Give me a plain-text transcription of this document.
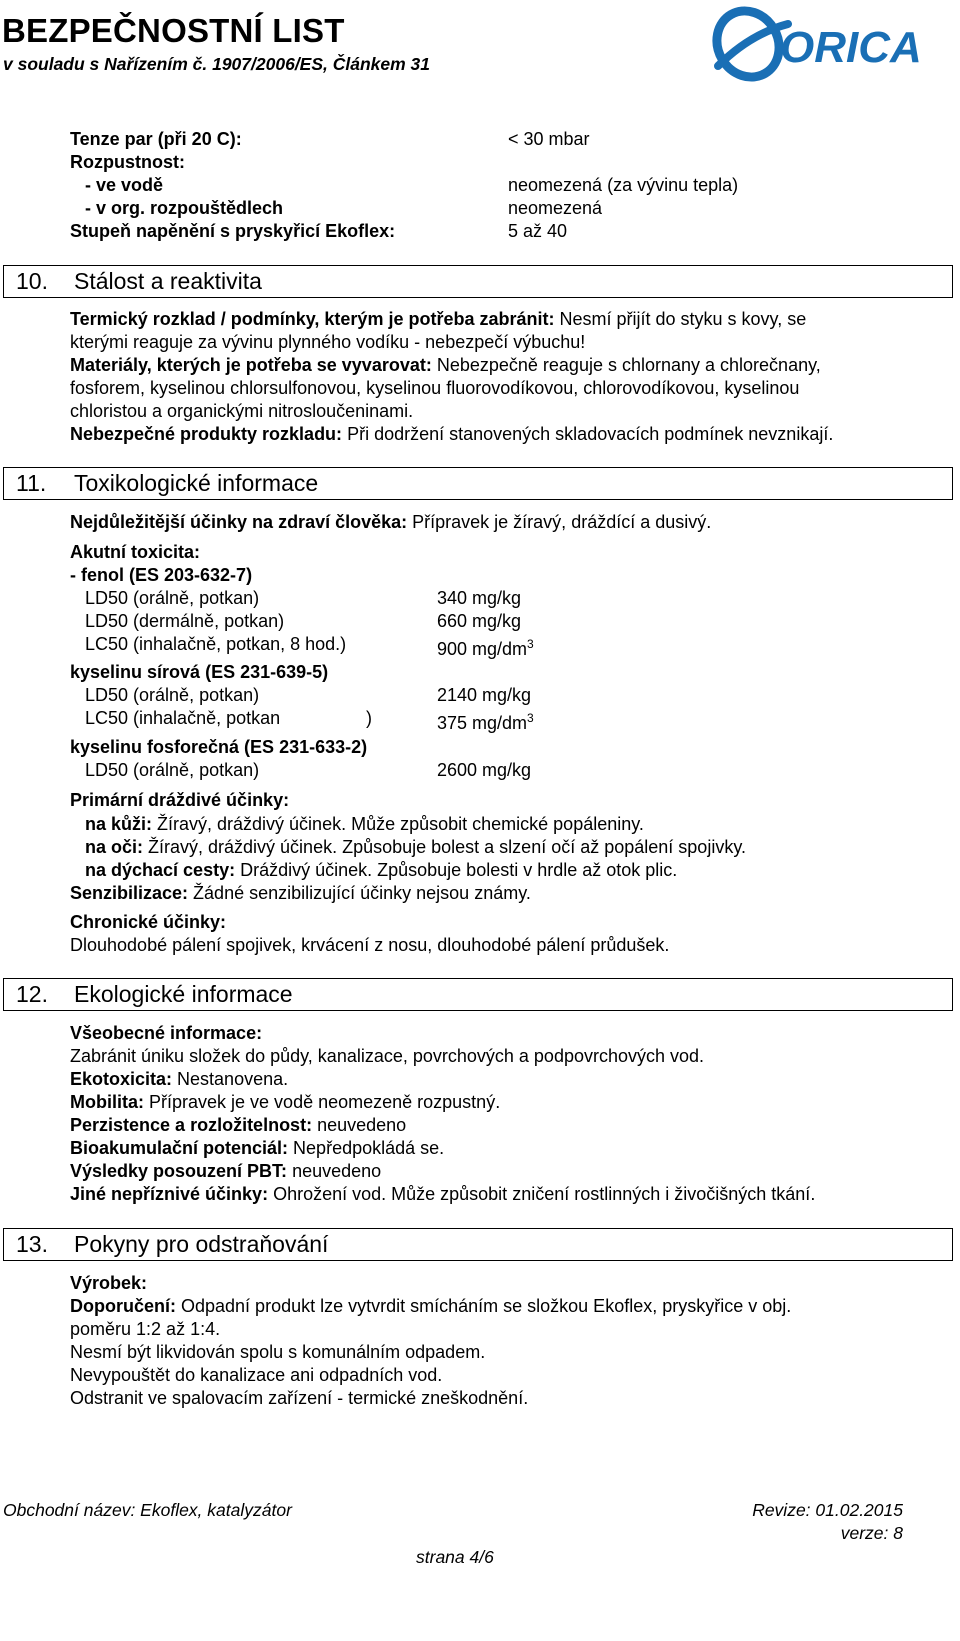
BEZPEČNOSTNÍ LIST
v souladu s Nařízením č. 1907/2006/ES, Článkem 31	ORICA
Tenze par (při 20 C):	< 30 mbar
Rozpustnost:
- ve vodě	neomezená (za vývinu tepla)
- v org. rozpouštědlech	neomezená
Stupeň napěnění s pryskyřicí Ekoflex:	5 až 40
10. Stálost a reaktivita
Termický rozklad / podmínky, kterým je potřeba zabránit: Nesmí přijít do styku s kovy, se
kterými reaguje za vývinu plynného vodíku - nebezpečí výbuchu!
Materiály, kterých je potřeba se vyvarovat: Nebezpečně reaguje s chlornany a chlorečnany,
fosforem, kyselinou chlorsulfonovou, kyselinou fluorovodíkovou, chlorovodíkovou, kyselinou
chloristou a organickými nitrosloučeninami.
Nebezpečné produkty rozkladu: Při dodržení stanovených skladovacích podmínek nevznikají.
11. Toxikologické informace
Nejdůležitější účinky na zdraví člověka: Přípravek je žíravý, dráždící a dusivý.
Akutní toxicita:
- fenol (ES 203-632-7)
LD50 (orálně, potkan)	340 mg/kg
LD50 (dermálně, potkan)	660 mg/kg
LC50 (inhalačně, potkan, 8 hod.)	900 $mg/dm^3$
kyselinu sírová (ES 231-639-5)
LD50 (orálně, potkan)	2140 mg/kg
LC50 (inhalačně, potkan	)	375 $mg/dm^3$
kyselinu fosforečná (ES 231-633-2)
LD50 (orálně, potkan)	2600 mg/kg
Primární dráždivé účinky:
na kůži: Žíravý, dráždivý účinek. Může způsobit chemické popáleniny.
na oči: Žíravý, dráždivý účinek. Způsobuje bolest a slzení očí až popálení spojivky.
na dýchací cesty: Dráždivý účinek. Způsobuje bolesti v hrdle až otok plic.
Senzibilizace: Žádné senzibilizující účinky nejsou známy.
Chronické účinky:
Dlouhodobé pálení spojivek, krvácení z nosu, dlouhodobé pálení průdušek.
12. Ekologické informace
Všeobecné informace:
Zabránit úniku složek do půdy, kanalizace, povrchových a podpovrchových vod.
Ekotoxicita: Nestanovena.
Mobilita: Přípravek je ve vodě neomezeně rozpustný.
Perzistence a rozložitelnost: neuvedeno
Bioakumulační potenciál: Nepředpokládá se.
Výsledky posouzení PBT: neuvedeno
Jiné nepříznivé účinky: Ohrožení vod. Může způsobit zničení rostlinných i živočišných tkání.
13. Pokyny pro odstraňování
Výrobek:
Doporučení: Odpadní produkt lze vytvrdit smícháním se složkou Ekoflex, pryskyřice v obj.
poměru 1:2 až 1:4.
Nesmí být likvidován spolu s komunálním odpadem.
Nevypouštět do kanalizace ani odpadních vod.
Odstranit ve spalovacím zařízení - termické zneškodnění.
Obchodní název: Ekoflex, katalyzátor	Revize: 01.02.2015
verze: 8
strana 4/6
